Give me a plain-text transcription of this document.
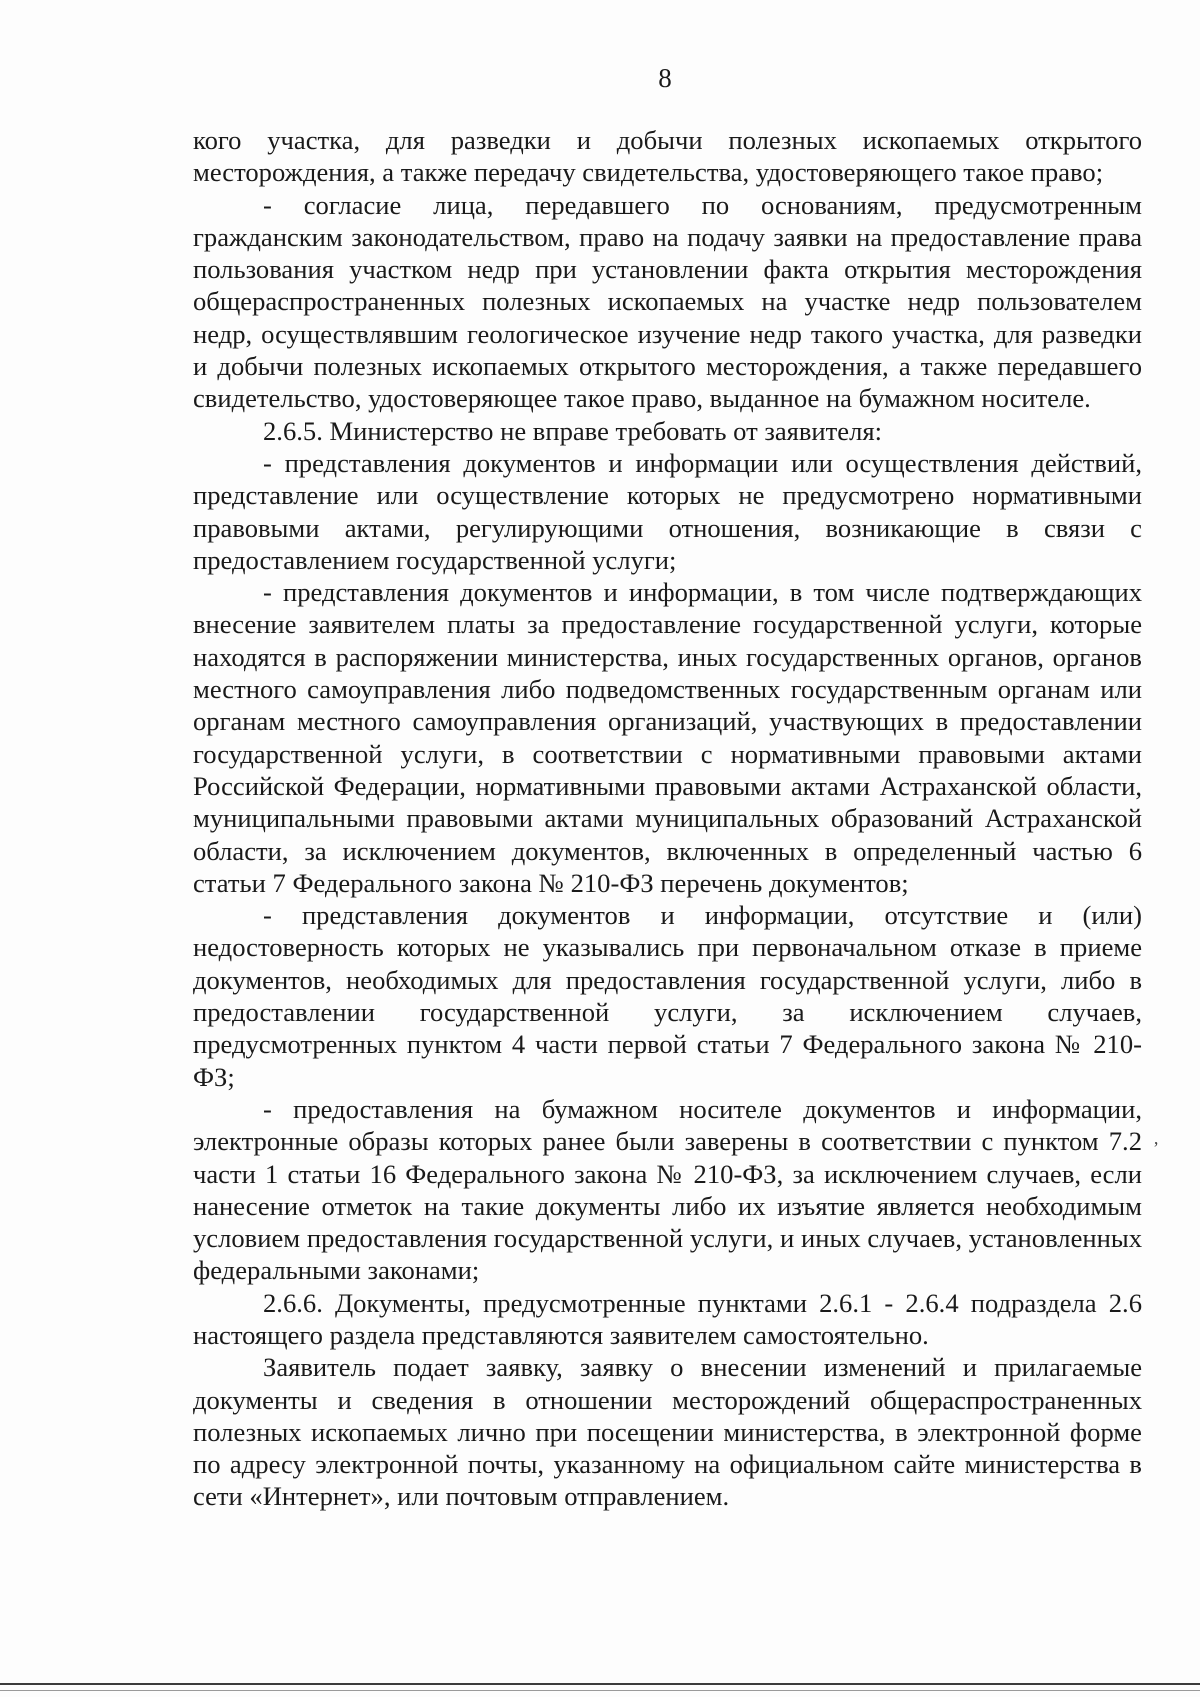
8

кого участка, для разведки и добычи полезных ископаемых открытого месторождения, а также передачу свидетельства, удостоверяющего такое право;

- согласие лица, передавшего по основаниям, предусмотренным гражданским законодательством, право на подачу заявки на предоставление права пользования участком недр при установлении факта открытия месторождения общераспространенных полезных ископаемых на участке недр пользователем недр, осуществлявшим геологическое изучение недр такого участка, для разведки и добычи полезных ископаемых открытого месторождения, а также передавшего свидетельство, удостоверяющее такое право, выданное на бумажном носителе.

2.6.5. Министерство не вправе требовать от заявителя:

- представления документов и информации или осуществления действий, представление или осуществление которых не предусмотрено нормативными правовыми актами, регулирующими отношения, возникающие в связи с предоставлением государственной услуги;

- представления документов и информации, в том числе подтверждающих внесение заявителем платы за предоставление государственной услуги, которые находятся в распоряжении министерства, иных государственных органов, органов местного самоуправления либо подведомственных государственным органам или органам местного самоуправления организаций, участвующих в предоставлении государственной услуги, в соответствии с нормативными правовыми актами Российской Федерации, нормативными правовыми актами Астраханской области, муниципальными правовыми актами муниципальных образований Астраханской области, за исключением документов, включенных в определенный частью 6 статьи 7 Федерального закона № 210-ФЗ перечень документов;

- представления документов и информации, отсутствие и (или) недостоверность которых не указывались при первоначальном отказе в приеме документов, необходимых для предоставления государственной услуги, либо в предоставлении государственной услуги, за исключением случаев, предусмотренных пунктом 4 части первой статьи 7 Федерального закона № 210-ФЗ;

- предоставления на бумажном носителе документов и информации, электронные образы которых ранее были заверены в соответствии с пунктом 7.2 части 1 статьи 16 Федерального закона № 210-ФЗ, за исключением случаев, если нанесение отметок на такие документы либо их изъятие является необходимым условием предоставления государственной услуги, и иных случаев, установленных федеральными законами;

2.6.6. Документы, предусмотренные пунктами 2.6.1 - 2.6.4 подраздела 2.6 настоящего раздела представляются заявителем самостоятельно.

Заявитель подает заявку, заявку о внесении изменений и прилагаемые документы и сведения в отношении месторождений общераспространенных полезных ископаемых лично при посещении министерства, в электронной форме по адресу электронной почты, указанному на официальном сайте министерства в сети «Интернет», или почтовым отправлением.

ʼ
